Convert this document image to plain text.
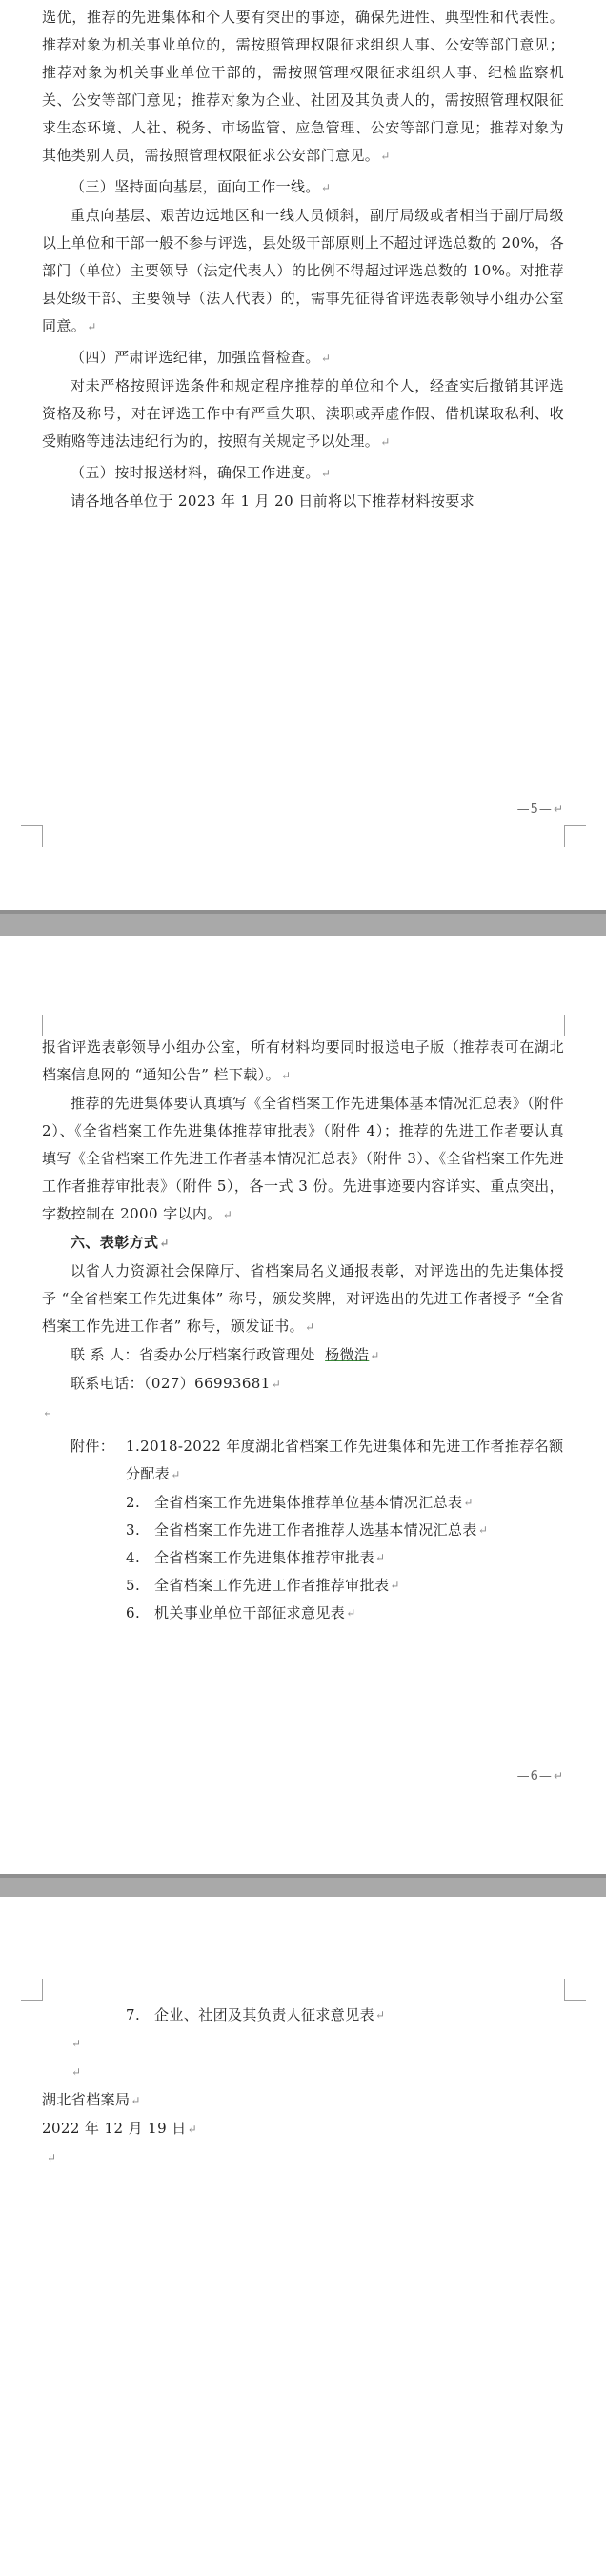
选优，推荐的先进集体和个人要有突出的事迹，确保先进性、典型性和代表性。推荐对象为机关事业单位的，需按照管理权限征求组织人事、公安等部门意见；推荐对象为机关事业单位干部的，需按照管理权限征求组织人事、纪检监察机关、公安等部门意见；推荐对象为企业、社团及其负责人的，需按照管理权限征求生态环境、人社、税务、市场监管、应急管理、公安等部门意见；推荐对象为其他类别人员，需按照管理权限征求公安部门意见。↵

（三）坚持面向基层，面向工作一线。↵

重点向基层、艰苦边远地区和一线人员倾斜，副厅局级或者相当于副厅局级以上单位和干部一般不参与评选，县处级干部原则上不超过评选总数的 20%，各部门（单位）主要领导（法定代表人）的比例不得超过评选总数的 10%。对推荐县处级干部、主要领导（法人代表）的，需事先征得省评选表彰领导小组办公室同意。↵

（四）严肃评选纪律，加强监督检查。↵

对未严格按照评选条件和规定程序推荐的单位和个人，经查实后撤销其评选资格及称号，对在评选工作中有严重失职、渎职或弄虚作假、借机谋取私利、收受贿赂等违法违纪行为的，按照有关规定予以处理。↵

（五）按时报送材料，确保工作进度。↵

请各地各单位于 2023 年 1 月 20 日前将以下推荐材料按要求

—5—↵

报省评选表彰领导小组办公室，所有材料均要同时报送电子版（推荐表可在湖北档案信息网的 “通知公告” 栏下载）。↵

推荐的先进集体要认真填写《全省档案工作先进集体基本情况汇总表》（附件 2）、《全省档案工作先进集体推荐审批表》（附件 4）；推荐的先进工作者要认真填写《全省档案工作先进工作者基本情况汇总表》（附件 3）、《全省档案工作先进工作者推荐审批表》（附件 5），各一式 3 份。先进事迹要内容详实、重点突出，字数控制在 2000 字以内。↵

六、表彰方式↵

以省人力资源社会保障厅、省档案局名义通报表彰，对评选出的先进集体授予 “全省档案工作先进集体” 称号，颁发奖牌，对评选出的先进工作者授予 “全省档案工作先进工作者” 称号，颁发证书。↵

联 系 人：省委办公厅档案行政管理处 杨微浩↵

联系电话：（027）66993681↵

↵

附件： 1.2018-2022 年度湖北省档案工作先进集体和先进工作者推荐名额分配表↵
2. 全省档案工作先进集体推荐单位基本情况汇总表 ↵
3. 全省档案工作先进工作者推荐人选基本情况汇总表 ↵
4. 全省档案工作先进集体推荐审批表 ↵
5. 全省档案工作先进工作者推荐审批表 ↵
6. 机关事业单位干部征求意见表 ↵
—6—↵
7. 企业、社团及其负责人征求意见表 ↵

↵

↵

湖北省档案局↵

2022 年 12 月 19 日↵

↵
